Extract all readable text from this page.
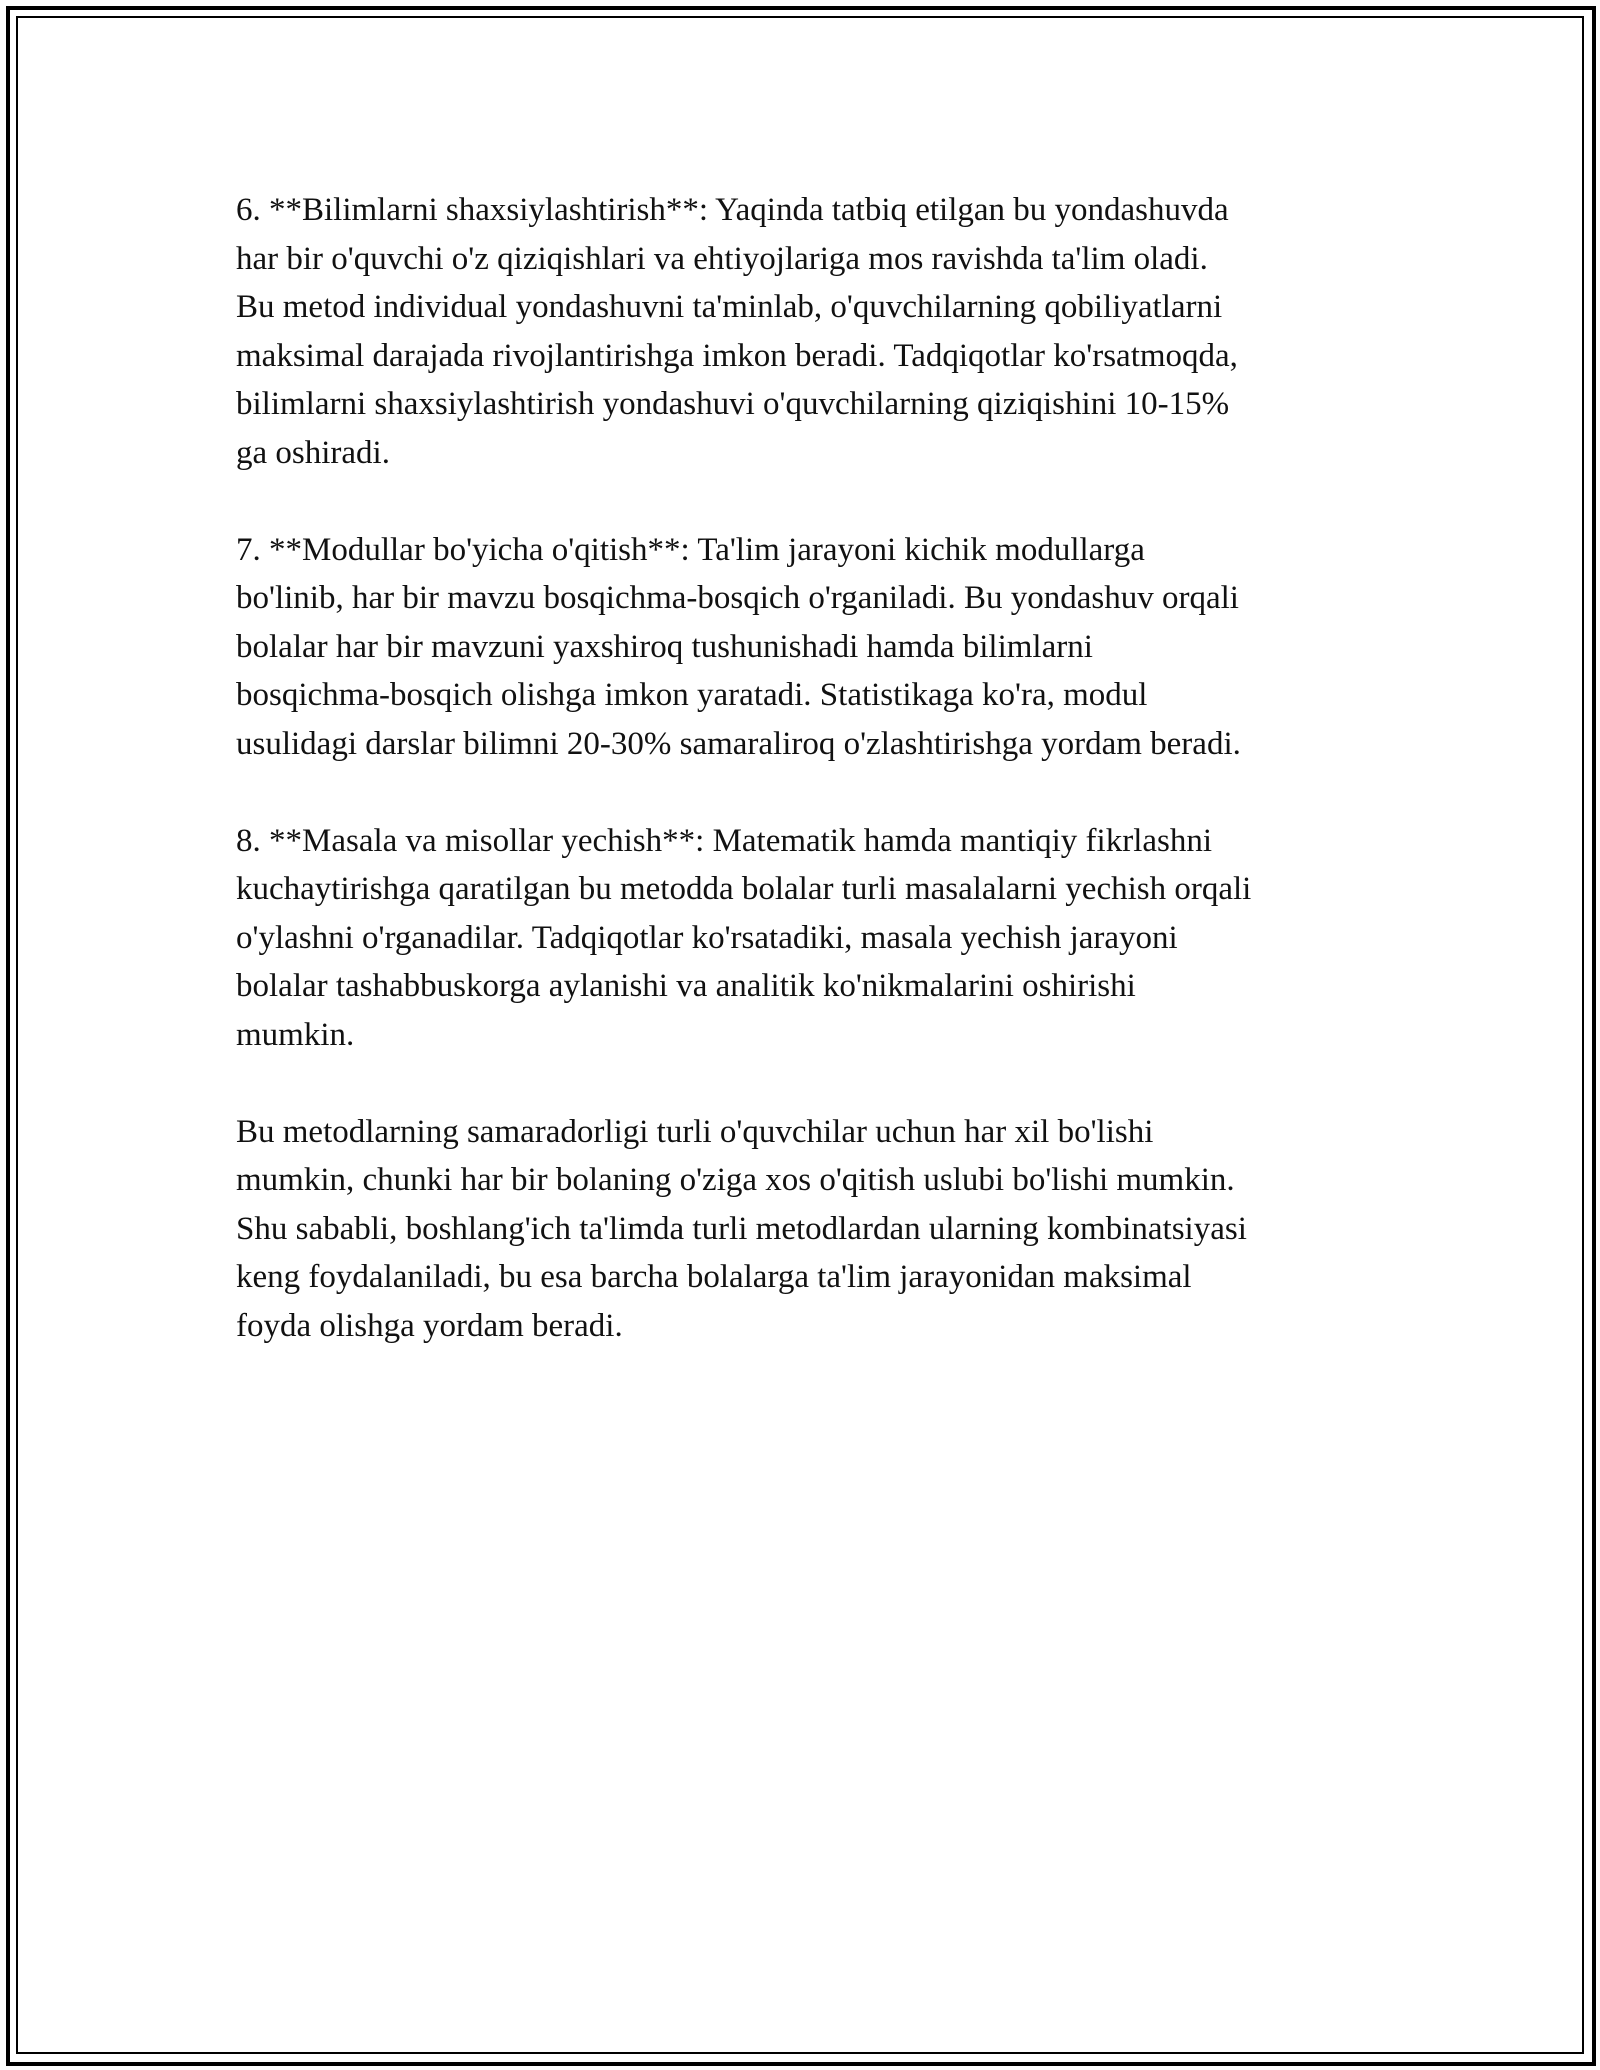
6. **Bilimlarni shaxsiylashtirish**: Yaqinda tatbiq etilgan bu yondashuvda
har bir o'quvchi o'z qiziqishlari va ehtiyojlariga mos ravishda ta'lim oladi.
Bu metod individual yondashuvni ta'minlab, o'quvchilarning qobiliyatlarni
maksimal darajada rivojlantirishga imkon beradi. Tadqiqotlar ko'rsatmoqda,
bilimlarni shaxsiylashtirish yondashuvi o'quvchilarning qiziqishini 10-15%
ga oshiradi.

7. **Modullar bo'yicha o'qitish**: Ta'lim jarayoni kichik modullarga
bo'linib, har bir mavzu bosqichma-bosqich o'rganiladi. Bu yondashuv orqali
bolalar har bir mavzuni yaxshiroq tushunishadi hamda bilimlarni
bosqichma-bosqich olishga imkon yaratadi. Statistikaga ko'ra, modul
usulidagi darslar bilimni 20-30% samaraliroq o'zlashtirishga yordam beradi.

8. **Masala va misollar yechish**: Matematik hamda mantiqiy fikrlashni
kuchaytirishga qaratilgan bu metodda bolalar turli masalalarni yechish orqali
o'ylashni o'rganadilar. Tadqiqotlar ko'rsatadiki, masala yechish jarayoni
bolalar tashabbuskorga aylanishi va analitik ko'nikmalarini oshirishi
mumkin.

Bu metodlarning samaradorligi turli o'quvchilar uchun har xil bo'lishi
mumkin, chunki har bir bolaning o'ziga xos o'qitish uslubi bo'lishi mumkin.
Shu sababli, boshlang'ich ta'limda turli metodlardan ularning kombinatsiyasi
keng foydalaniladi, bu esa barcha bolalarga ta'lim jarayonidan maksimal
foyda olishga yordam beradi.
